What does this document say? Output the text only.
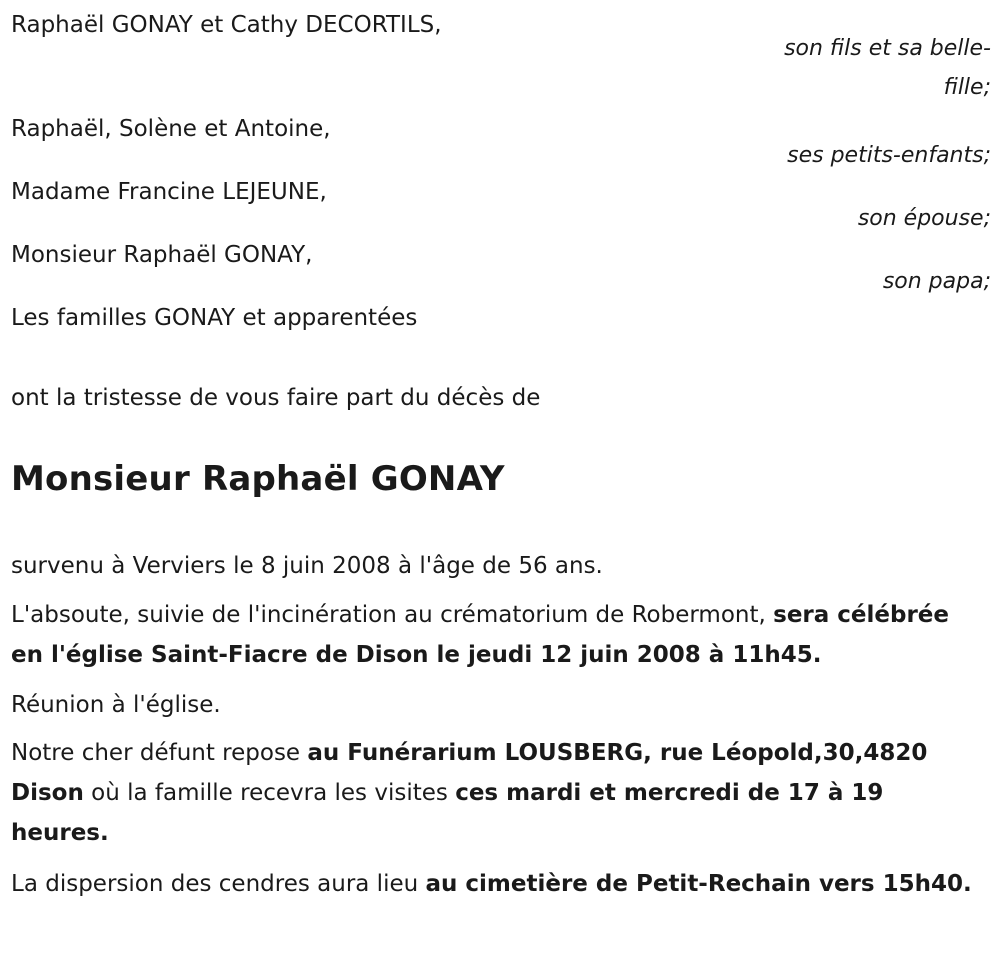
Raphaël GONAY et Cathy DECORTILS,
son fils et sa belle-fille;
Raphaël, Solène et Antoine,
ses petits-enfants;
Madame Francine LEJEUNE,
son épouse;
Monsieur Raphaël GONAY,
son papa;
Les familles GONAY et apparentées
ont la tristesse de vous faire part du décès de
Monsieur Raphaël GONAY
survenu à Verviers le 8 juin 2008 à l'âge de 56 ans.
L'absoute, suivie de l'incinération au crématorium de Robermont, sera célébrée en l'église Saint-Fiacre de Dison le jeudi 12 juin 2008 à 11h45.
Réunion à l'église.
Notre cher défunt repose au Funérarium LOUSBERG, rue Léopold,30,4820 Dison où la famille recevra les visites ces mardi et mercredi de 17 à 19 heures.
La dispersion des cendres aura lieu au cimetière de Petit-Rechain vers 15h40.
